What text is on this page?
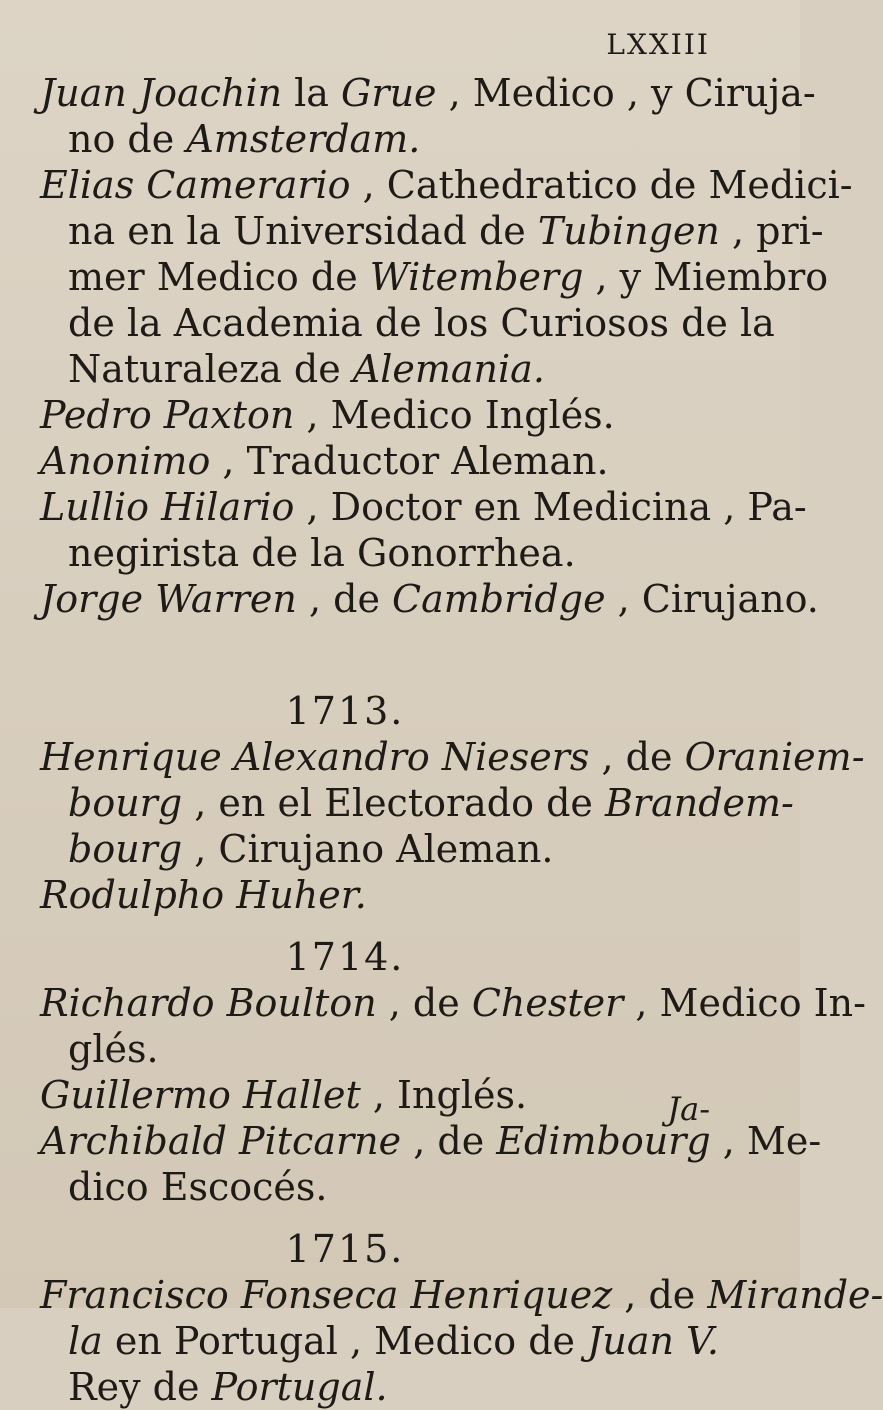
LXXIII
Juan Joachin la Grue , Medico , y Ciruja-
no de Amsterdam.
Elias Camerario , Cathedratico de Medici-
na en la Universidad de Tubingen , pri-
mer Medico de Witemberg , y Miembro
de la Academia de los Curiosos de la
Naturaleza de Alemania.
Pedro Paxton , Medico Inglés.
Anonimo , Traductor Aleman.
Lullio Hilario , Doctor en Medicina , Pa-
negirista de la Gonorrhea.
Jorge Warren , de Cambridge , Cirujano.
1713.
Henrique Alexandro Niesers , de Oraniem-
bourg , en el Electorado de Brandem-
bourg , Cirujano Aleman.
Rodulpho Huher.
1714.
Richardo Boulton , de Chester , Medico In-
glés.
Guillermo Hallet , Inglés.
Archibald Pitcarne , de Edimbourg , Me-
dico Escocés.
1715.
Francisco Fonseca Henriquez , de Mirande-
la en Portugal , Medico de Juan V.
Rey de Portugal.
Ja-
